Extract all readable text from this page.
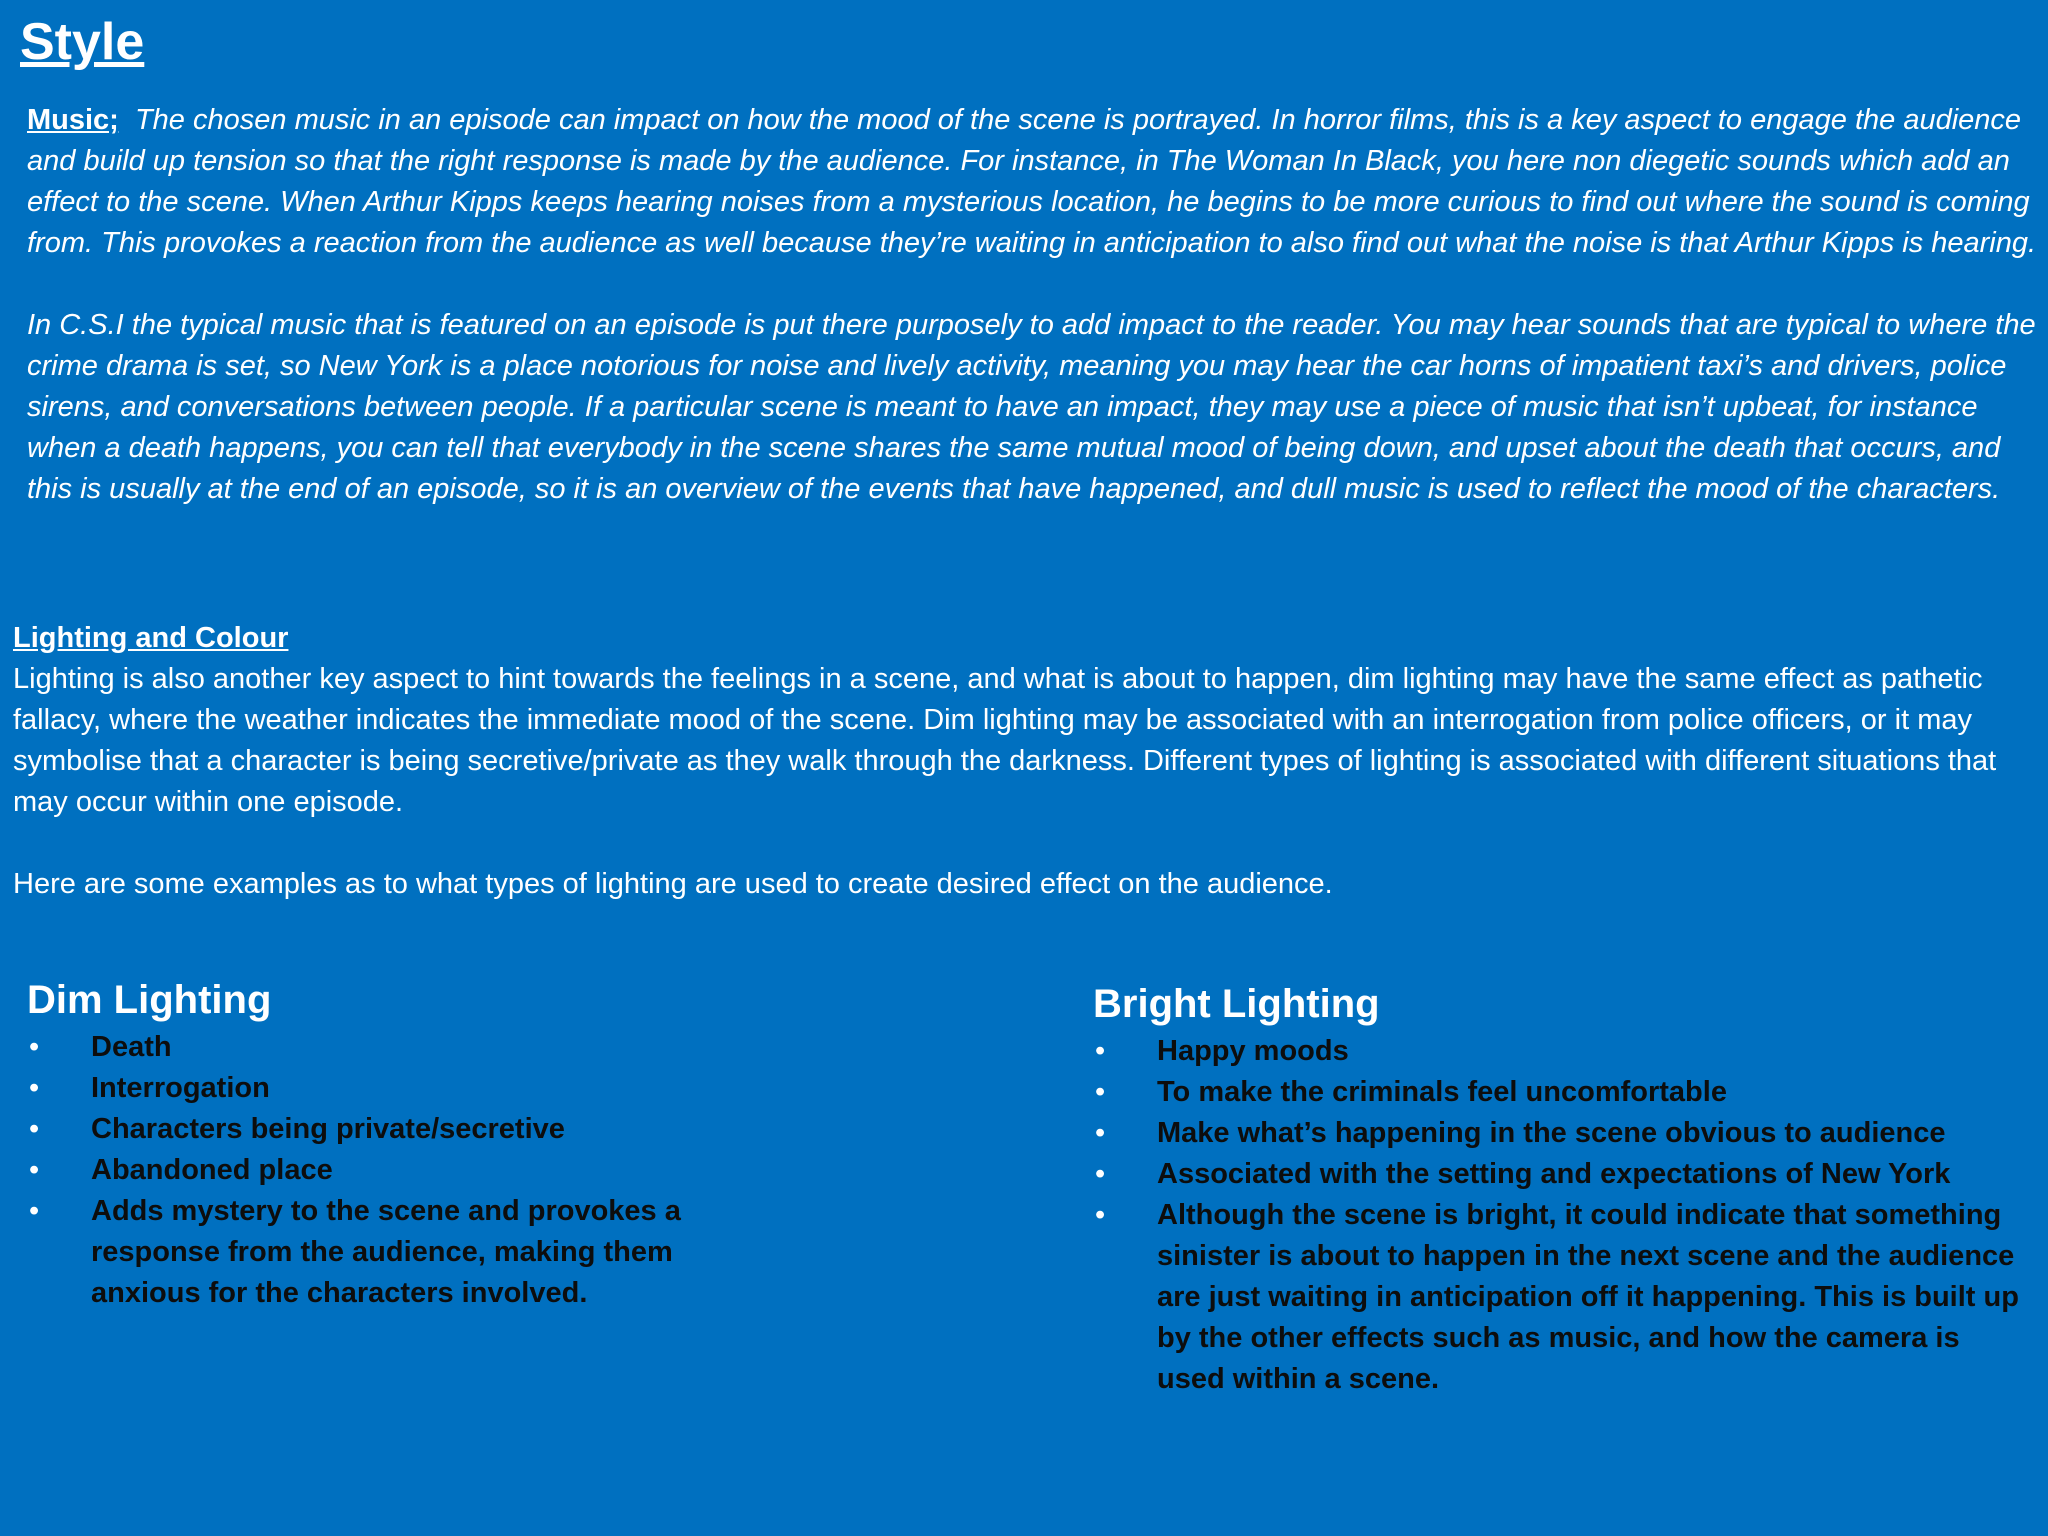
Style

Music; The chosen music in an episode can impact on how the mood of the scene is portrayed. In horror films, this is a key aspect to engage the audience and build up tension so that the right response is made by the audience. For instance, in The Woman In Black, you here non diegetic sounds which add an effect to the scene. When Arthur Kipps keeps hearing noises from a mysterious location, he begins to be more curious to find out where the sound is coming from. This provokes a reaction from the audience as well because they’re waiting in anticipation to also find out what the noise is that Arthur Kipps is hearing.

In C.S.I the typical music that is featured on an episode is put there purposely to add impact to the reader. You may hear sounds that are typical to where the crime drama is set, so New York is a place notorious for noise and lively activity, meaning you may hear the car horns of impatient taxi’s and drivers, police sirens, and conversations between people. If a particular scene is meant to have an impact, they may use a piece of music that isn’t upbeat, for instance when a death happens, you can tell that everybody in the scene shares the same mutual mood of being down, and upset about the death that occurs, and this is usually at the end of an episode, so it is an overview of the events that have happened, and dull music is used to reflect the mood of the characters.

Lighting and Colour

Lighting is also another key aspect to hint towards the feelings in a scene, and what is about to happen, dim lighting may have the same effect as pathetic fallacy, where the weather indicates the immediate mood of the scene. Dim lighting may be associated with an interrogation from police officers, or it may symbolise that a character is being secretive/private as they walk through the darkness. Different types of lighting is associated with different situations that may occur within one episode.

Here are some examples as to what types of lighting are used to create desired effect on the audience.

Dim Lighting
• Death
• Interrogation
• Characters being private/secretive
• Abandoned place
• Adds mystery to the scene and provokes a response from the audience, making them anxious for the characters involved.
Bright Lighting
• Happy moods
• To make the criminals feel uncomfortable
• Make what’s happening in the scene obvious to audience
• Associated with the setting and expectations of New York
• Although the scene is bright, it could indicate that something sinister is about to happen in the next scene and the audience are just waiting in anticipation off it happening. This is built up by the other effects such as music, and how the camera is used within a scene.
